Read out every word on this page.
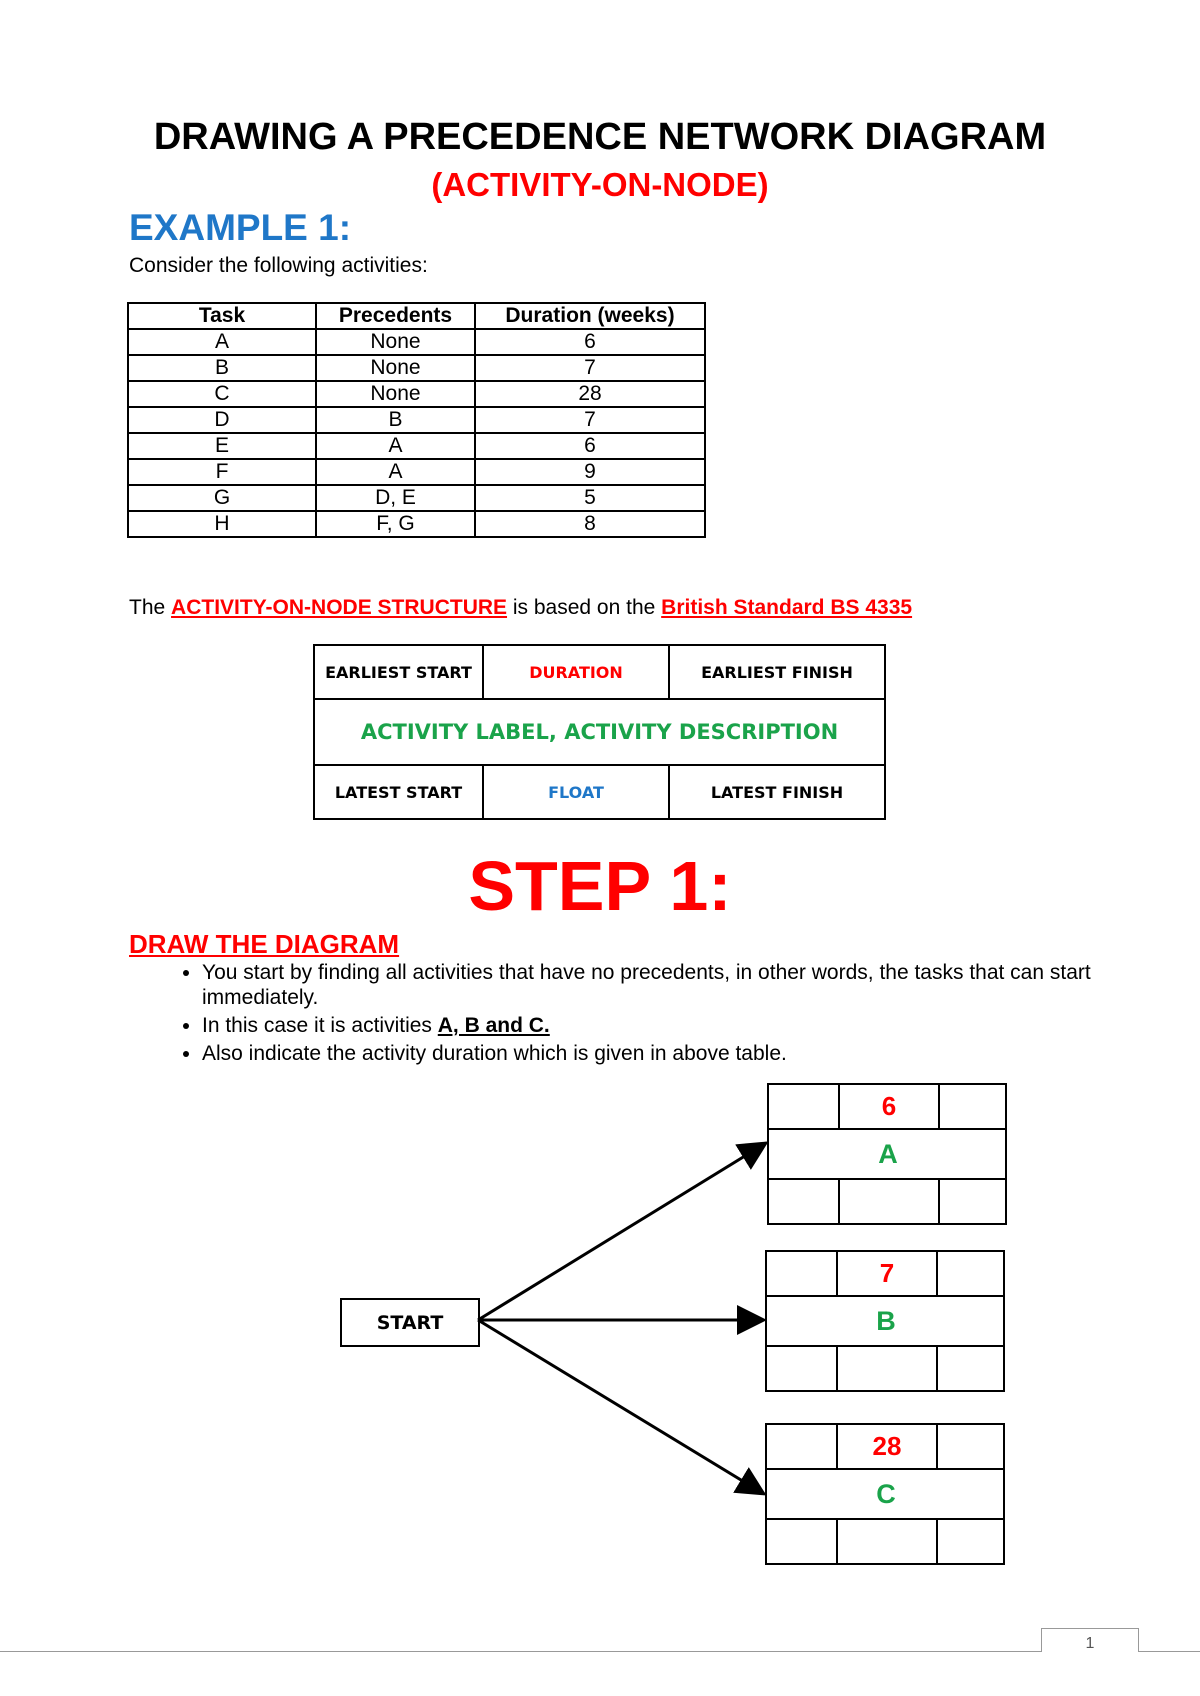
DRAWING A PRECEDENCE NETWORK DIAGRAM
(ACTIVITY-ON-NODE)
EXAMPLE 1:
Consider the following activities:
Task	Precedents	Duration (weeks)
A	None	6
B	None	7
C	None	28
D	B	7
E	A	6
F	A	9
G	D, E	5
H	F, G	8
The ACTIVITY-ON-NODE STRUCTURE is based on the British Standard BS 4335
EARLIEST START	DURATION	EARLIEST FINISH
ACTIVITY LABEL, ACTIVITY DESCRIPTION		
LATEST START	FLOAT	LATEST FINISH
STEP 1:
DRAW THE DIAGRAM
• You start by finding all activities that have no precedents, in other words, the tasks that can start immediately.
• In this case it is activities A, B and C.
• Also indicate the activity duration which is given in above table.
START
6
A
7
B
28
C
1
